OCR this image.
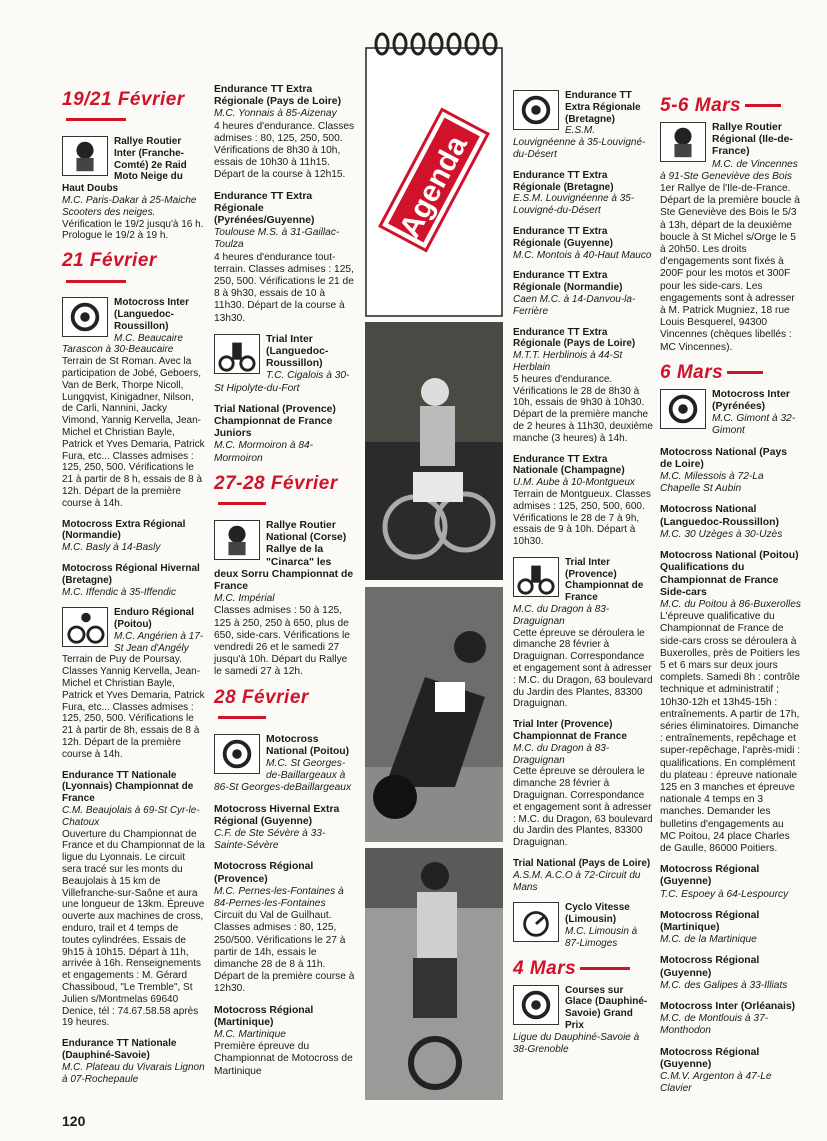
Agenda
19/21 Février
Rallye Routier Inter (Franche-Comté) 2e Raid Moto Neige du Haut Doubs
M.C. Paris-Dakar à 25-Maiche Scooters des neiges.
Vérification le 19/2 jusqu'à 16 h. Prologue le 19/2 à 19 h.
21 Février
Motocross Inter (Languedoc-Roussillon)
M.C. Beaucaire Tarascon à 30-Beaucaire
Terrain de St Roman. Avec la participation de Jobé, Geboers, Van de Berk, Thorpe Nicoll, Lungqvist, Kinigadner, Nilson, de Carli, Nannini, Jacky Vimond, Yannig Kervella, Jean-Michel et Christian Bayle, Patrick et Yves Demaria, Patrick Fura, etc... Classes admises : 125, 250, 500. Vérifications le 21 à partir de 8 h, essais de 8 à 12h. Départ de la première course à 14h.
Motocross Extra Régional (Normandie)
M.C. Basly à 14-Basly
Motocross Régional Hivernal (Bretagne)
M.C. Iffendic à 35-Iffendic
Enduro Régional (Poitou)
M.C. Angérien à 17-St Jean d'Angély
Terrain de Puy de Poursay. Classes Yannig Kervella, Jean-Michel et Christian Bayle, Patrick et Yves Demaria, Patrick Fura, etc... Classes admises : 125, 250, 500. Vérifications le 21 à partir de 8h, essais de 8 à 12h. Départ de la première course à 14h.
Endurance TT Nationale (Lyonnais) Championnat de France
C.M. Beaujolais à 69-St Cyr-le-Chatoux
Ouverture du Championnat de France et du Championnat de la ligue du Lyonnais. Le circuit sera tracé sur les monts du Beaujolais à 15 km de Villefranche-sur-Saône et aura une longueur de 13km. Épreuve ouverte aux machines de cross, enduro, trail et 4 temps de toutes cylindrées. Essais de 9h15 à 10h15. Départ à 11h, arrivée à 16h. Renseignements et engagements : M. Gérard Chassiboud, "Le Tremble", St Julien s/Montmelas 69640 Denice, tél : 74.67.58.58 après 19 heures.
Endurance TT Nationale (Dauphiné-Savoie)
M.C. Plateau du Vivarais Lignon à 07-Rochepaule
Endurance TT Extra Régionale (Pays de Loire)
M.C. Yonnais à 85-Aizenay
4 heures d'endurance. Classes admises : 80, 125, 250, 500. Vérifications de 8h30 à 10h, essais de 10h30 à 11h15. Départ de la course à 12h15.
Endurance TT Extra Régionale (Pyrénées/Guyenne)
Toulouse M.S. à 31-Gaillac-Toulza
4 heures d'endurance tout-terrain. Classes admises : 125, 250, 500. Vérifications le 21 de 8 à 9h30, essais de 10 à 11h30. Départ de la course à 13h30.
Trial Inter (Languedoc-Roussillon)
T.C. Cigalois à 30-St Hipolyte-du-Fort
Trial National (Provence) Championnat de France Juniors
M.C. Mormoiron à 84-Mormoiron
27-28 Février
Rallye Routier National (Corse) Rallye de la "Cinarca" les deux Sorru Championnat de France
M.C. Impérial
Classes admises : 50 à 125, 125 à 250, 250 à 650, plus de 650, side-cars. Vérifications le vendredi 26 et le samedi 27 jusqu'à 10h. Départ du Rallye le samedi 27 à 12h.
28 Février
Motocross National (Poitou)
M.C. St Georges-de-Baillargeaux à 86-St Georges-deBaillargeaux
Motocross Hivernal Extra Régional (Guyenne)
C.F. de Ste Sévère à 33-Sainte-Sévère
Motocross Régional (Provence)
M.C. Pernes-les-Fontaines à 84-Pernes-les-Fontaines
Circuit du Val de Guilhaut. Classes admises : 80, 125, 250/500. Vérifications le 27 à partir de 14h, essais le dimanche 28 de 8 à 11h. Départ de la première course à 12h30.
Motocross Régional (Martinique)
M.C. Martinique
Première épreuve du Championnat de Motocross de Martinique
Endurance TT Extra Régionale (Bretagne)
E.S.M. Louvignéenne à 35-Louvigné-du-Désert
Endurance TT Extra Régionale (Bretagne)
E.S.M. Louvignéenne à 35-Louvigné-du-Désert
Endurance TT Extra Régionale (Guyenne)
M.C. Montois à 40-Haut Mauco
Endurance TT Extra Régionale (Normandie)
Caen M.C. à 14-Danvou-la-Ferrière
Endurance TT Extra Régionale (Pays de Loire)
M.T.T. Herblinois à 44-St Herblain
5 heures d'endurance. Vérifications le 28 de 8h30 à 10h, essais de 9h30 à 10h30. Départ de la première manche de 2 heures à 11h30, deuxième manche (3 heures) à 14h.
Endurance TT Extra Nationale (Champagne)
U.M. Aube à 10-Montgueux
Terrain de Montgueux. Classes admises : 125, 250, 500, 600. Vérifications le 28 de 7 à 9h, essais de 9 à 10h. Départ à 10h30.
Trial Inter (Provence) Championnat de France
M.C. du Dragon à 83-Draguignan
Cette épreuve se déroulera le dimanche 28 février à Draguignan. Correspondance et engagement sont à adresser : M.C. du Dragon, 63 boulevard du Jardin des Plantes, 83300 Draguignan.
Trial Inter (Provence) Championnat de France
M.C. du Dragon à 83-Draguignan
Cette épreuve se déroulera le dimanche 28 février à Draguignan. Correspondance et engagement sont à adresser : M.C. du Dragon, 63 boulevard du Jardin des Plantes, 83300 Draguignan.
Trial National (Pays de Loire)
A.S.M. A.C.O à 72-Circuit du Mans
Cyclo Vitesse (Limousin)
M.C. Limousin à 87-Limoges
4 Mars
Courses sur Glace (Dauphiné-Savoie) Grand Prix
Ligue du Dauphiné-Savoie à 38-Grenoble
5-6 Mars
Rallye Routier Régional (Ile-de-France)
M.C. de Vincennes à 91-Ste Geneviève des Bois
1er Rallye de l'Ile-de-France. Départ de la première boucle à Ste Geneviève des Bois le 5/3 à 13h, départ de la deuxième boucle à St Michel s/Orge le 5 à 20h50. Les droits d'engagements sont fixés à 200F pour les motos et 300F pour les side-cars. Les engagements sont à adresser à M. Patrick Mugniez, 18 rue Louis Besquerel, 94300 Vincennes (chèques libellés : MC Vincennes).
6 Mars
Motocross Inter (Pyrénées)
M.C. Gimont à 32-Gimont
Motocross National (Pays de Loire)
M.C. Milessois à 72-La Chapelle St Aubin
Motocross National (Languedoc-Roussillon)
M.C. 30 Uzèges à 30-Uzès
Motocross National (Poitou) Qualifications du Championnat de France Side-cars
M.C. du Poitou à 86-Buxerolles
L'épreuve qualificative du Championnat de France de side-cars cross se déroulera à Buxerolles, près de Poitiers les 5 et 6 mars sur deux jours complets. Samedi 8h : contrôle technique et administratif ; 10h30-12h et 13h45-15h : entraînements. A partir de 17h, séries éliminatoires. Dimanche : entraînements, repêchage et super-repêchage, l'après-midi : qualifications. En complément du plateau : épreuve nationale 125 en 3 manches et épreuve nationale 4 temps en 3 manches. Demander les bulletins d'engagements au MC Poitou, 24 place Charles de Gaulle, 86000 Poitiers.
Motocross Régional (Guyenne)
T.C. Espoey à 64-Lespourcy
Motocross Régional (Martinique)
M.C. de la Martinique
Motocross Régional (Guyenne)
M.C. des Galipes à 33-Illiats
Motocross Inter (Orléanais)
M.C. de Montlouis à 37-Monthodon
Motocross Régional (Guyenne)
C.M.V. Argenton à 47-Le Clavier
120
